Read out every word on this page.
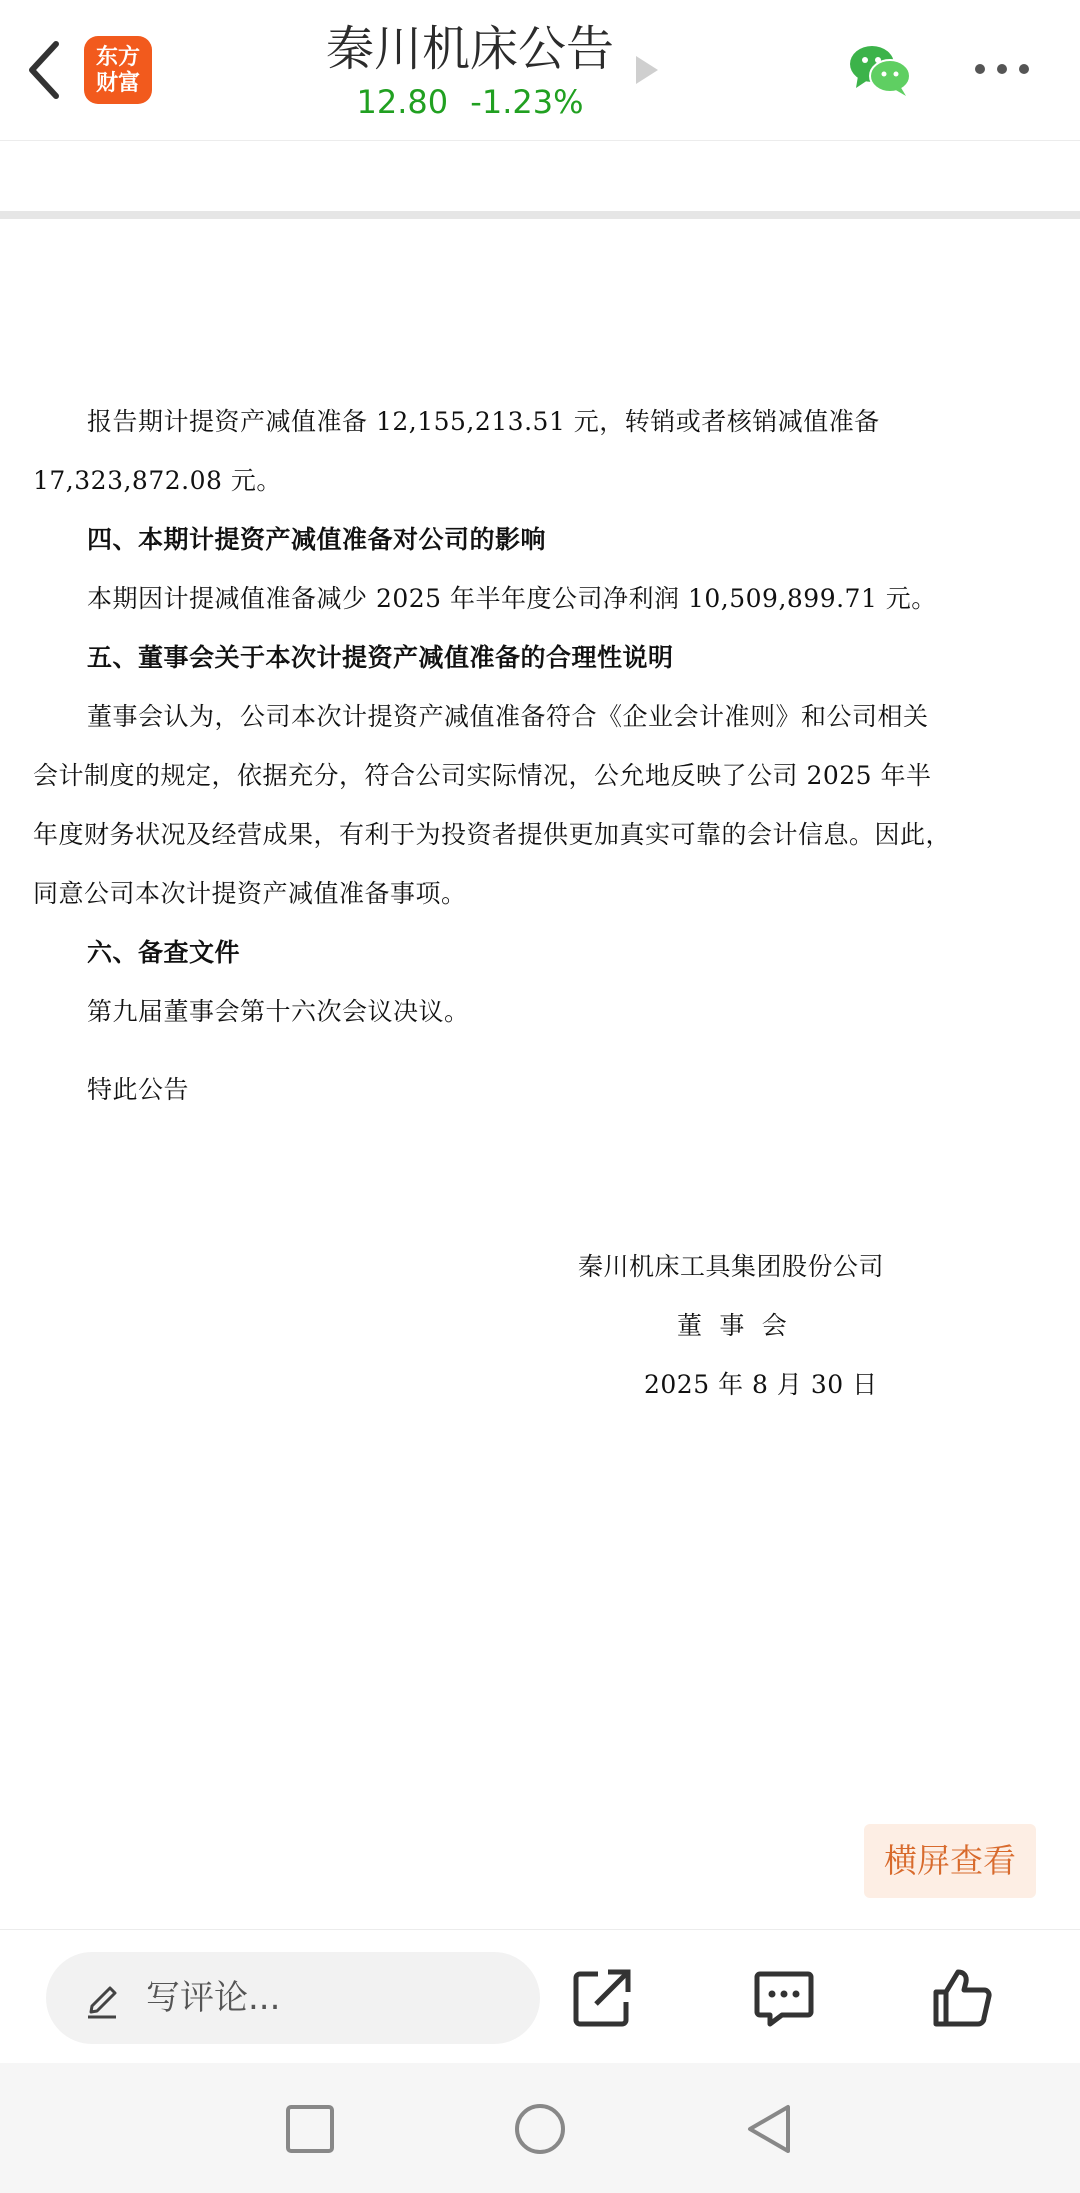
东方
财富
秦川机床公告
12.80 -1.23%
报告期计提资产减值准备 12,155,213.51 元，转销或者核销减值准备
17,323,872.08 元。
四、本期计提资产减值准备对公司的影响
本期因计提减值准备减少 2025 年半年度公司净利润 10,509,899.71 元。
五、董事会关于本次计提资产减值准备的合理性说明
董事会认为，公司本次计提资产减值准备符合《企业会计准则》和公司相关
会计制度的规定，依据充分，符合公司实际情况，公允地反映了公司 2025 年半
年度财务状况及经营成果，有利于为投资者提供更加真实可靠的会计信息。因此，
同意公司本次计提资产减值准备事项。
六、备查文件
第九届董事会第十六次会议决议。
特此公告
秦川机床工具集团股份公司
董  事  会
2025 年 8 月 30 日
横屏查看
写评论...
